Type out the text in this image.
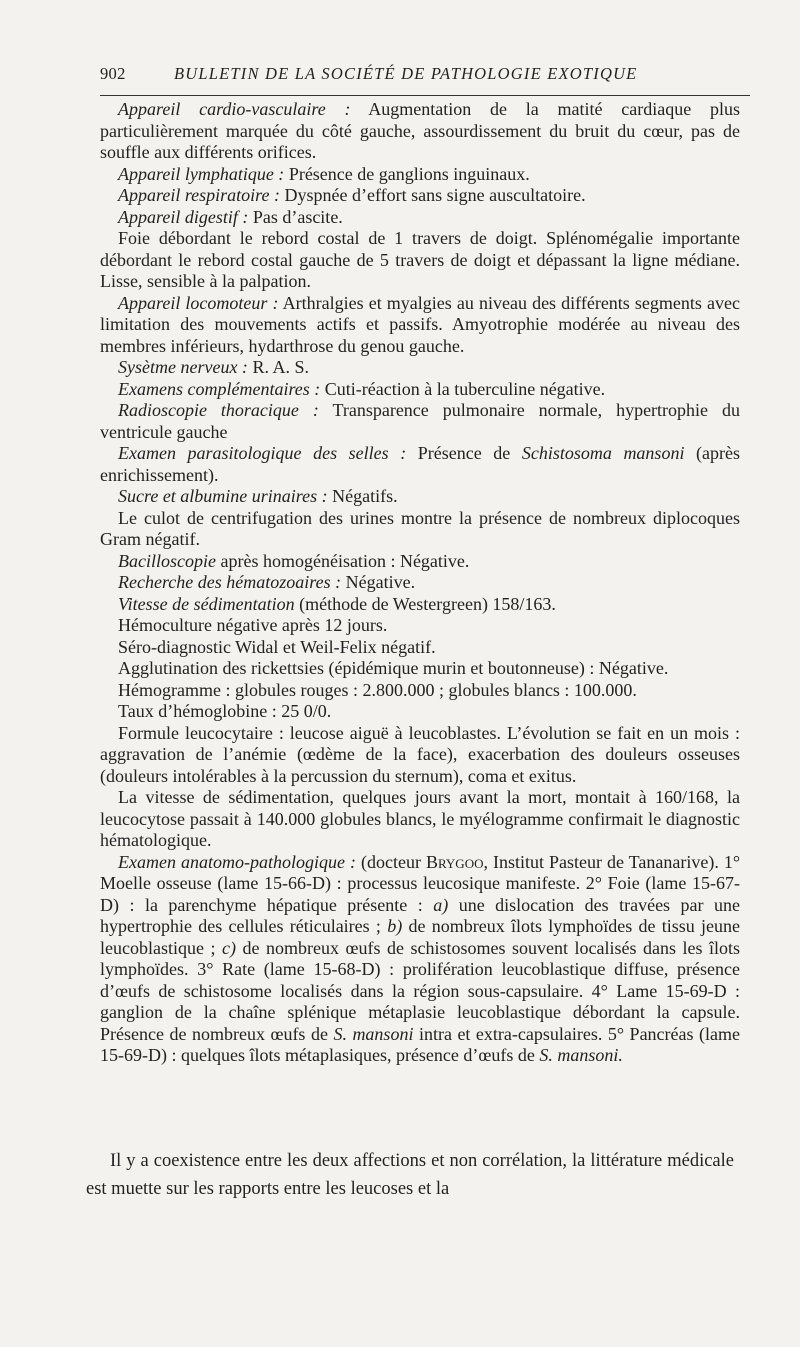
902	BULLETIN DE LA SOCIÉTÉ DE PATHOLOGIE EXOTIQUE

Appareil cardio-vasculaire : Augmentation de la matité cardiaque plus particulièrement marquée du côté gauche, assourdissement du bruit du cœur, pas de souffle aux différents orifices.

Appareil lymphatique : Présence de ganglions inguinaux.

Appareil respiratoire : Dyspnée d’effort sans signe auscultatoire.

Appareil digestif : Pas d’ascite.

Foie débordant le rebord costal de 1 travers de doigt. Splénomégalie importante débordant le rebord costal gauche de 5 travers de doigt et dépassant la ligne médiane. Lisse, sensible à la palpation.

Appareil locomoteur : Arthralgies et myalgies au niveau des différents segments avec limitation des mouvements actifs et passifs. Amyotrophie modérée au niveau des membres inférieurs, hydarthrose du genou gauche.

Sysètme nerveux : R. A. S.

Examens complémentaires : Cuti-réaction à la tuberculine négative.

Radioscopie thoracique : Transparence pulmonaire normale, hypertrophie du ventricule gauche

Examen parasitologique des selles : Présence de Schistosoma mansoni (après enrichissement).

Sucre et albumine urinaires : Négatifs.

Le culot de centrifugation des urines montre la présence de nombreux diplocoques Gram négatif.

Bacilloscopie après homogénéisation : Négative.

Recherche des hématozoaires : Négative.

Vitesse de sédimentation (méthode de Westergreen) 158/163.

Hémoculture négative après 12 jours.

Séro-diagnostic Widal et Weil-Felix négatif.

Agglutination des rickettsies (épidémique murin et boutonneuse) : Négative.

Hémogramme : globules rouges : 2.800.000 ; globules blancs : 100.000.

Taux d’hémoglobine : 25 0/0.

Formule leucocytaire : leucose aiguë à leucoblastes. L’évolution se fait en un mois : aggravation de l’anémie (œdème de la face), exacerbation des douleurs osseuses (douleurs intolérables à la percussion du sternum), coma et exitus.

La vitesse de sédimentation, quelques jours avant la mort, montait à 160/168, la leucocytose passait à 140.000 globules blancs, le myélogramme confirmait le diagnostic hématologique.

Examen anatomo-pathologique : (docteur Brygoo, Institut Pasteur de Tananarive). 1° Moelle osseuse (lame 15-66-D) : processus leucosique manifeste. 2° Foie (lame 15-67-D) : la parenchyme hépatique présente : a) une dislocation des travées par une hypertrophie des cellules réticulaires ; b) de nombreux îlots lymphoïdes de tissu jeune leucoblastique ; c) de nombreux œufs de schistosomes souvent localisés dans les îlots lymphoïdes. 3° Rate (lame 15-68-D) : prolifération leucoblastique diffuse, présence d’œufs de schistosome localisés dans la région sous-capsulaire. 4° Lame 15-69-D : ganglion de la chaîne splénique métaplasie leucoblastique débordant la capsule. Présence de nombreux œufs de S. mansoni intra et extra-capsulaires. 5° Pancréas (lame 15-69-D) : quelques îlots métaplasiques, présence d’œufs de S. mansoni.

Il y a coexistence entre les deux affections et non corrélation, la littérature médicale est muette sur les rapports entre les leucoses et la
